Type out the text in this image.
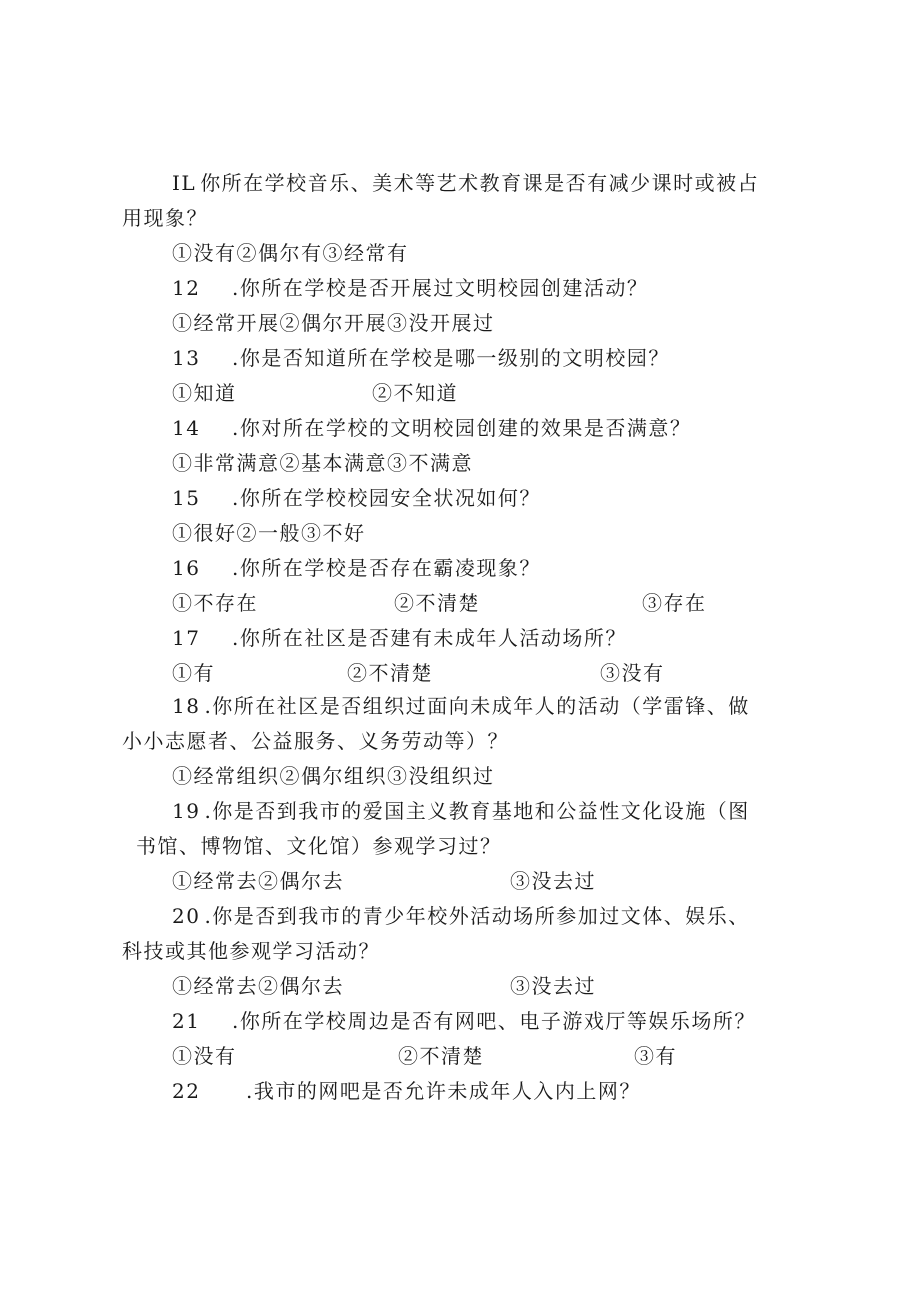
IL 你所在学校音乐、美术等艺术教育课是否有减少课时或被占
用现象？
①没有②偶尔有③经常有
12 .你所在学校是否开展过文明校园创建活动？
①经常开展②偶尔开展③没开展过
13 .你是否知道所在学校是哪一级别的文明校园？
①知道	②不知道
14 .你对所在学校的文明校园创建的效果是否满意？
①非常满意②基本满意③不满意
15 .你所在学校校园安全状况如何？
①很好②一般③不好
16 .你所在学校是否存在霸凌现象？
①不存在	②不清楚	③存在
17 .你所在社区是否建有未成年人活动场所？
①有	②不清楚	③没有
18 .你所在社区是否组织过面向未成年人的活动（学雷锋、做
小小志愿者、公益服务、义务劳动等）？
①经常组织②偶尔组织③没组织过
19 .你是否到我市的爱国主义教育基地和公益性文化设施（图
书馆、博物馆、文化馆）参观学习过？
①经常去②偶尔去	③没去过
20 .你是否到我市的青少年校外活动场所参加过文体、娱乐、
科技或其他参观学习活动？
①经常去②偶尔去	③没去过
21 .你所在学校周边是否有网吧、电子游戏厅等娱乐场所？
①没有	②不清楚	③有
22 .我市的网吧是否允许未成年人入内上网？
